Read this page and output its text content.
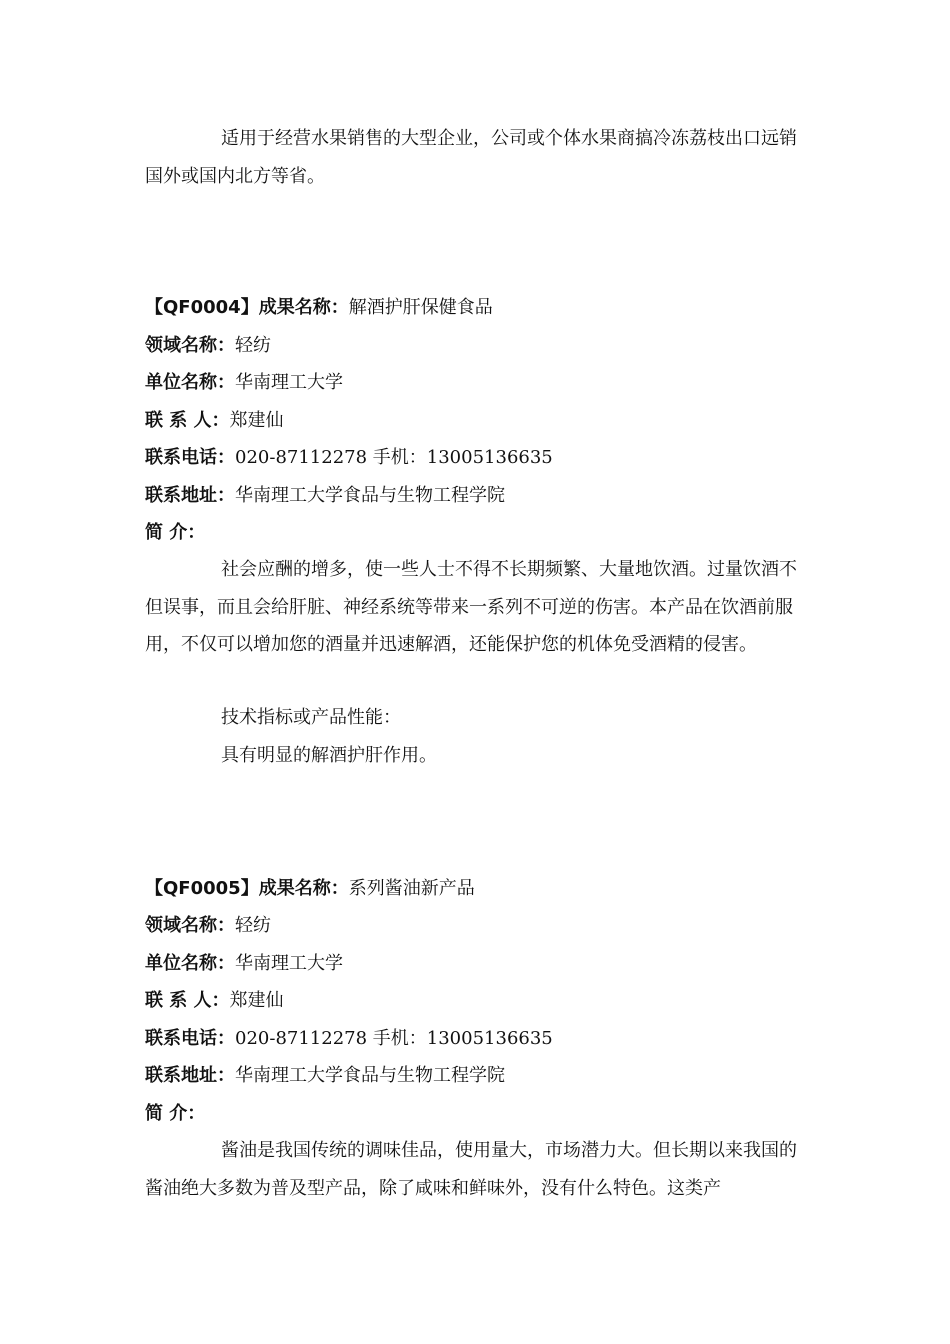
适用于经营水果销售的大型企业，公司或个体水果商搞冷冻荔枝出口远销国外或国内北方等省。

【QF0004】成果名称：解酒护肝保健食品
领域名称：轻纺
单位名称：华南理工大学
联 系 人：郑建仙
联系电话：020-87112278 手机：13005136635
联系地址：华南理工大学食品与生物工程学院
简 介：

社会应酬的增多，使一些人士不得不长期频繁、大量地饮酒。过量饮酒不但误事，而且会给肝脏、神经系统等带来一系列不可逆的伤害。本产品在饮酒前服用，不仅可以增加您的酒量并迅速解酒，还能保护您的机体免受酒精的侵害。

技术指标或产品性能：
具有明显的解酒护肝作用。
【QF0005】成果名称：系列酱油新产品
领域名称：轻纺
单位名称：华南理工大学
联 系 人：郑建仙
联系电话：020-87112278 手机：13005136635
联系地址：华南理工大学食品与生物工程学院
简 介：

酱油是我国传统的调味佳品，使用量大，市场潜力大。但长期以来我国的酱油绝大多数为普及型产品，除了咸味和鲜味外，没有什么特色。这类产
